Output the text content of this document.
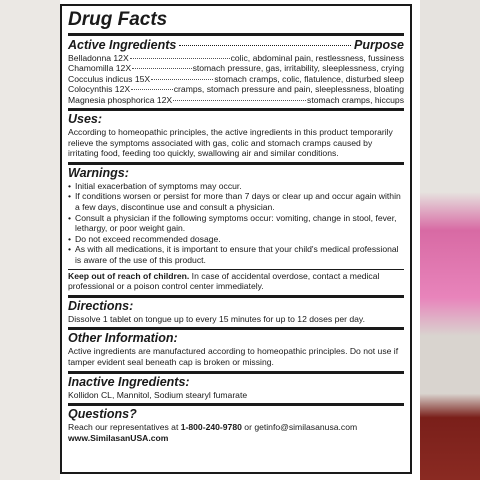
Drug Facts
Active Ingredients	Purpose
Belladonna 12X	colic, abdominal pain, restlessness, fussiness
Chamomilla 12X	stomach pressure, gas, irritability, sleeplessness, crying
Cocculus indicus 15X	stomach cramps, colic, flatulence, disturbed sleep
Colocynthis 12X	cramps, stomach pressure and pain, sleeplessness, bloating
Magnesia phosphorica 12X	stomach cramps, hiccups
Uses:
According to homeopathic principles, the active ingredients in this product temporarily relieve the symptoms associated with gas, colic and stomach cramps caused by irritating food, feeding too quickly, swallowing air and similar conditions.
Warnings:
• Initial exacerbation of symptoms may occur.
• If conditions worsen or persist for more than 7 days or clear up and occur again within a few days, discontinue use and consult a physician.
• Consult a physician if the following symptoms occur: vomiting, change in stool, fever, lethargy, or poor weight gain.
• Do not exceed recommended dosage.
• As with all medications, it is important to ensure that your child's medical professional is aware of the use of this product.
Keep out of reach of children. In case of accidental overdose, contact a medical professional or a poison control center immediately.
Directions:
Dissolve 1 tablet on tongue up to every 15 minutes for up to 12 doses per day.
Other Information:
Active ingredients are manufactured according to homeopathic principles. Do not use if tamper evident seal beneath cap is broken or missing.
Inactive Ingredients:
Kollidon CL, Mannitol, Sodium stearyl fumarate
Questions?
Reach our representatives at 1-800-240-9780 or getinfo@similasanusa.com
www.SimilasanUSA.com
